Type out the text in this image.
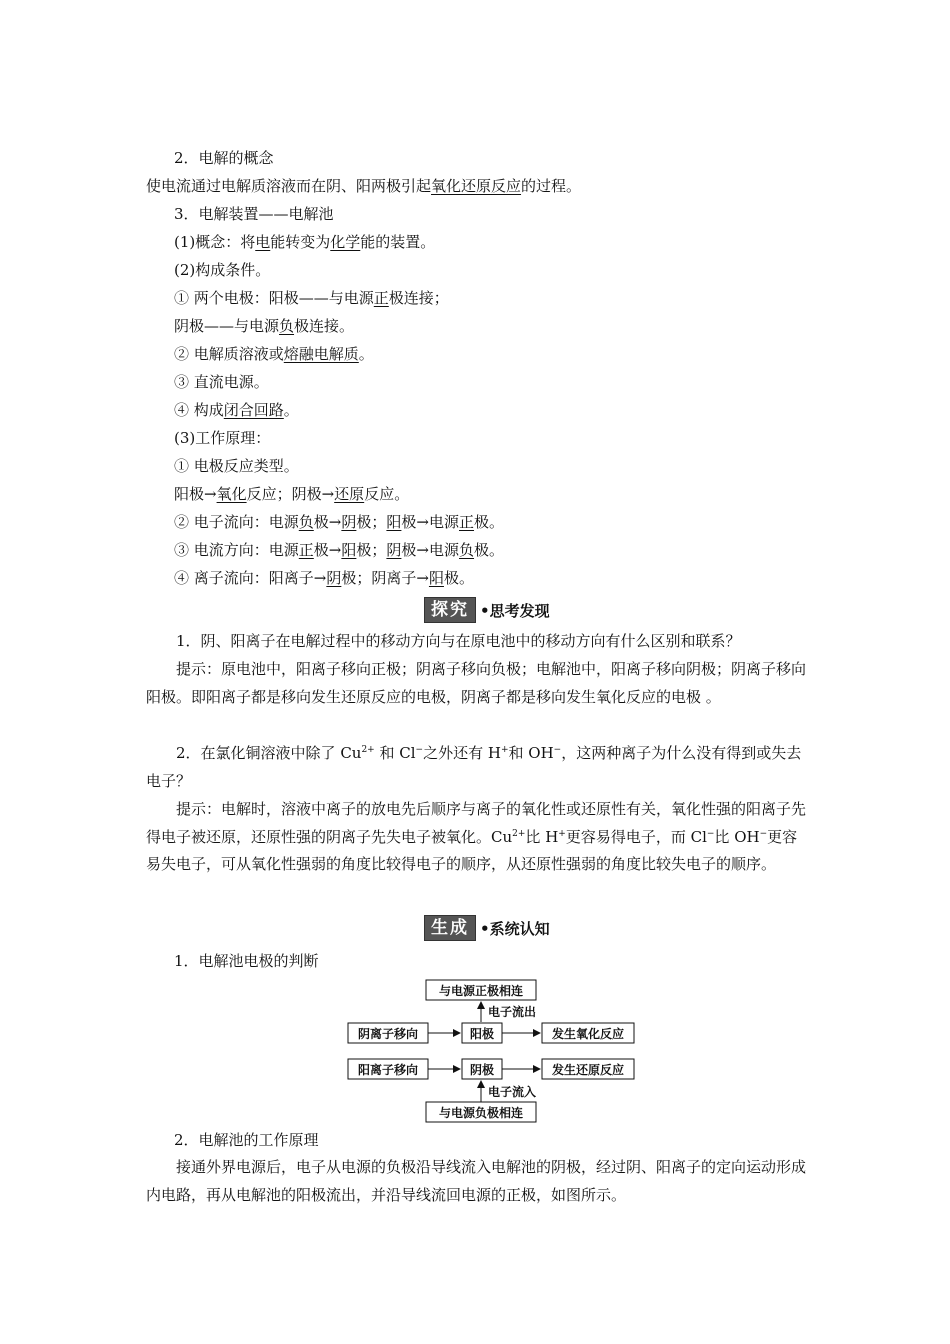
2．电解的概念
使电流通过电解质溶液而在阴、阳两极引起氧化还原反应的过程。
3．电解装置——电解池
(1)概念：将电能转变为化学能的装置。
(2)构成条件。
① 两个电极：阳极——与电源正极连接；
阴极——与电源负极连接。
② 电解质溶液或熔融电解质。
③ 直流电源。
④ 构成闭合回路。
(3)工作原理：
① 电极反应类型。
阳极→氧化反应；阴极→还原反应。
② 电子流向：电源负极→阴极；阳极→电源正极。
③ 电流方向：电源正极→阳极；阴极→电源负极。
④ 离子流向：阳离子→阴极；阴离子→阳极。
探究 •思考发现
1．阴、阳离子在电解过程中的移动方向与在原电池中的移动方向有什么区别和联系？
提示：原电池中，阳离子移向正极；阴离子移向负极；电解池中，阳离子移向阴极；阴离子移向阳极。即阳离子都是移向发生还原反应的电极，阴离子都是移向发生氧化反应的电极 。
2．在氯化铜溶液中除了 $Cu^{2+}$ 和 Cl−之外还有 H+和 OH−，这两种离子为什么没有得到或失去电子？
提示：电解时，溶液中离子的放电先后顺序与离子的氧化性或还原性有关，氧化性强的阳离子先得电子被还原，还原性强的阴离子先失电子被氧化。$Cu^{2+}$比 H+更容易得电子，而 Cl−比 OH−更容易失电子，可从氧化性强弱的角度比较得电子的顺序，从还原性强弱的角度比较失电子的顺序。
生成 •系统认知
1．电解池电极的判断
与电源正极相连
电子流出
阴离子移向	阳极	发生氧化反应
阳离子移向	阴极	发生还原反应
电子流入
与电源负极相连
2．电解池的工作原理
接通外界电源后，电子从电源的负极沿导线流入电解池的阴极，经过阴、阳离子的定向运动形成内电路，再从电解池的阳极流出，并沿导线流回电源的正极，如图所示。
